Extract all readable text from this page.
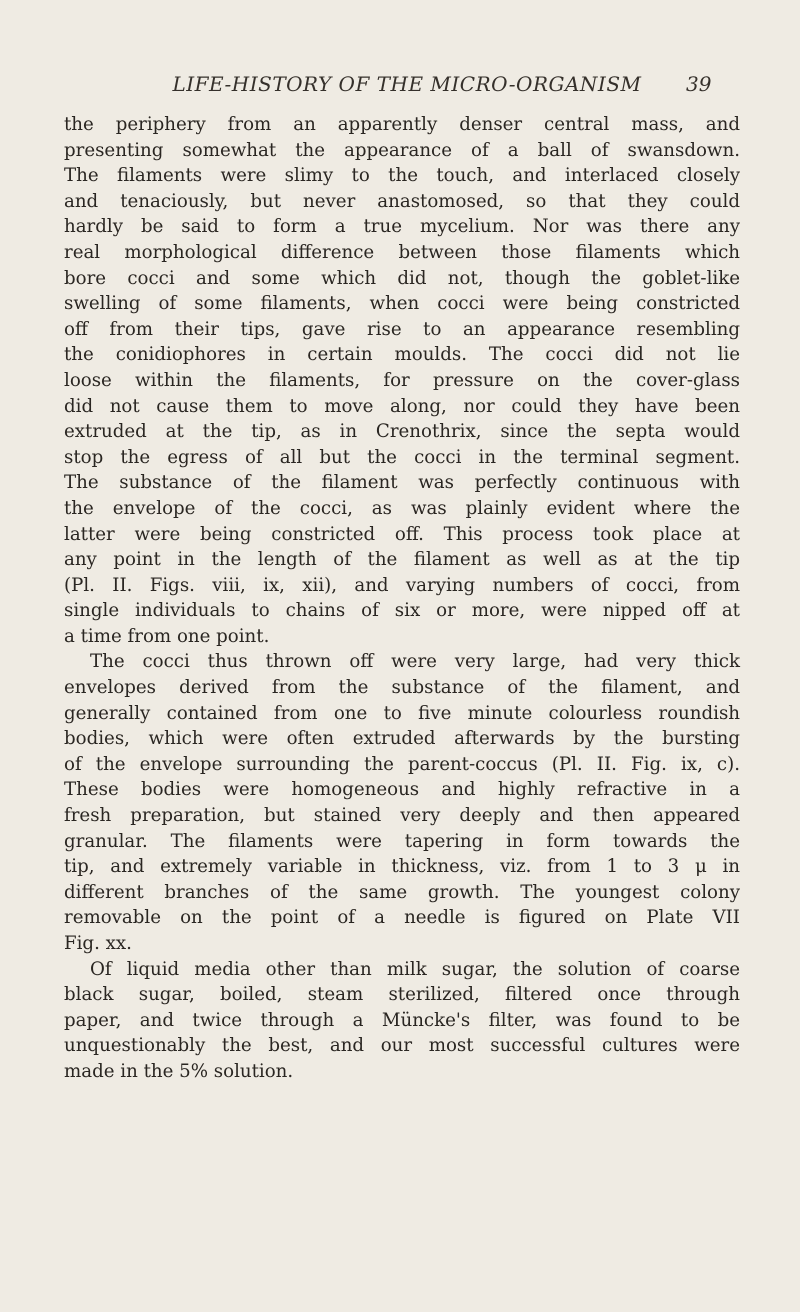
LIFE-HISTORY OF THE MICRO-ORGANISM	39
the periphery from an apparently denser central mass, and
presenting somewhat the appearance of a ball of swansdown.
The filaments were slimy to the touch, and interlaced closely
and tenaciously, but never anastomosed, so that they could
hardly be said to form a true mycelium. Nor was there any
real morphological difference between those filaments which
bore cocci and some which did not, though the goblet-like
swelling of some filaments, when cocci were being constricted
off from their tips, gave rise to an appearance resembling
the conidiophores in certain moulds. The cocci did not lie
loose within the filaments, for pressure on the cover-glass
did not cause them to move along, nor could they have been
extruded at the tip, as in Crenothrix, since the septa would
stop the egress of all but the cocci in the terminal segment.
The substance of the filament was perfectly continuous with
the envelope of the cocci, as was plainly evident where the
latter were being constricted off. This process took place at
any point in the length of the filament as well as at the tip
(Pl. II. Figs. viii, ix, xii), and varying numbers of cocci, from
single individuals to chains of six or more, were nipped off at
a time from one point.
The cocci thus thrown off were very large, had very thick
envelopes derived from the substance of the filament, and
generally contained from one to five minute colourless roundish
bodies, which were often extruded afterwards by the bursting
of the envelope surrounding the parent-coccus (Pl. II. Fig. ix, c).
These bodies were homogeneous and highly refractive in a
fresh preparation, but stained very deeply and then appeared
granular. The filaments were tapering in form towards the
tip, and extremely variable in thickness, viz. from 1 to 3 μ in
different branches of the same growth. The youngest colony
removable on the point of a needle is figured on Plate VII
Fig. xx.
Of liquid media other than milk sugar, the solution of coarse
black sugar, boiled, steam sterilized, filtered once through
paper, and twice through a Müncke's filter, was found to be
unquestionably the best, and our most successful cultures were
made in the 5% solution.
